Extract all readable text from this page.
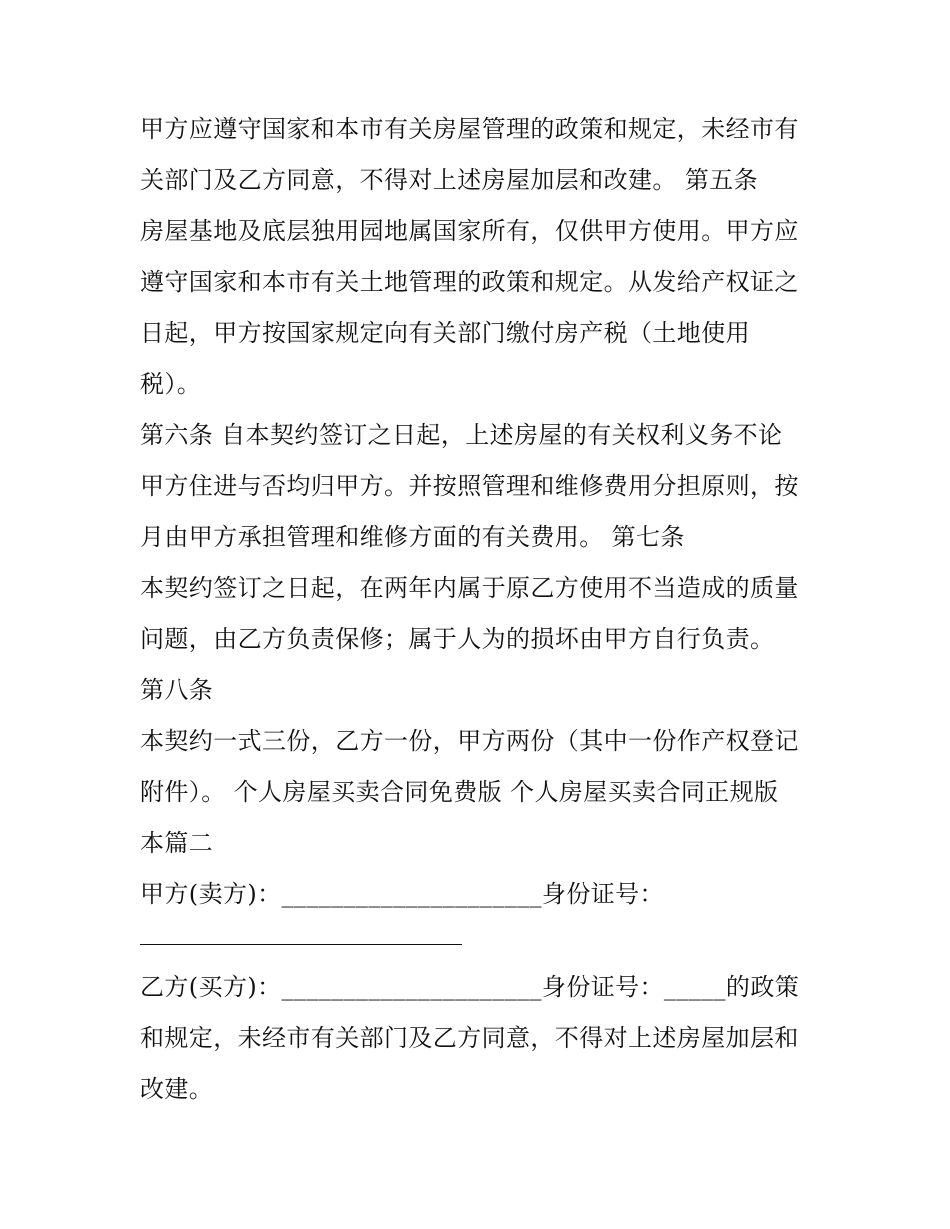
甲方应遵守国家和本市有关房屋管理的政策和规定，未经市有
关部门及乙方同意，不得对上述房屋加层和改建。 第五条
房屋基地及底层独用园地属国家所有，仅供甲方使用。甲方应
遵守国家和本市有关土地管理的政策和规定。从发给产权证之
日起，甲方按国家规定向有关部门缴付房产税（土地使用
税）。
第六条 自本契约签订之日起，上述房屋的有关权利义务不论
甲方住进与否均归甲方。并按照管理和维修费用分担原则，按
月由甲方承担管理和维修方面的有关费用。 第七条
本契约签订之日起，在两年内属于原乙方使用不当造成的质量
问题，由乙方负责保修；属于人为的损坏由甲方自行负责。
第八条
本契约一式三份，乙方一份，甲方两份（其中一份作产权登记
附件）。 个人房屋买卖合同免费版 个人房屋买卖合同正规版
本篇二
甲方(卖方)：_____________________身份证号：
乙方(买方)：_____________________身份证号：_____的政策
和规定，未经市有关部门及乙方同意，不得对上述房屋加层和
改建。
